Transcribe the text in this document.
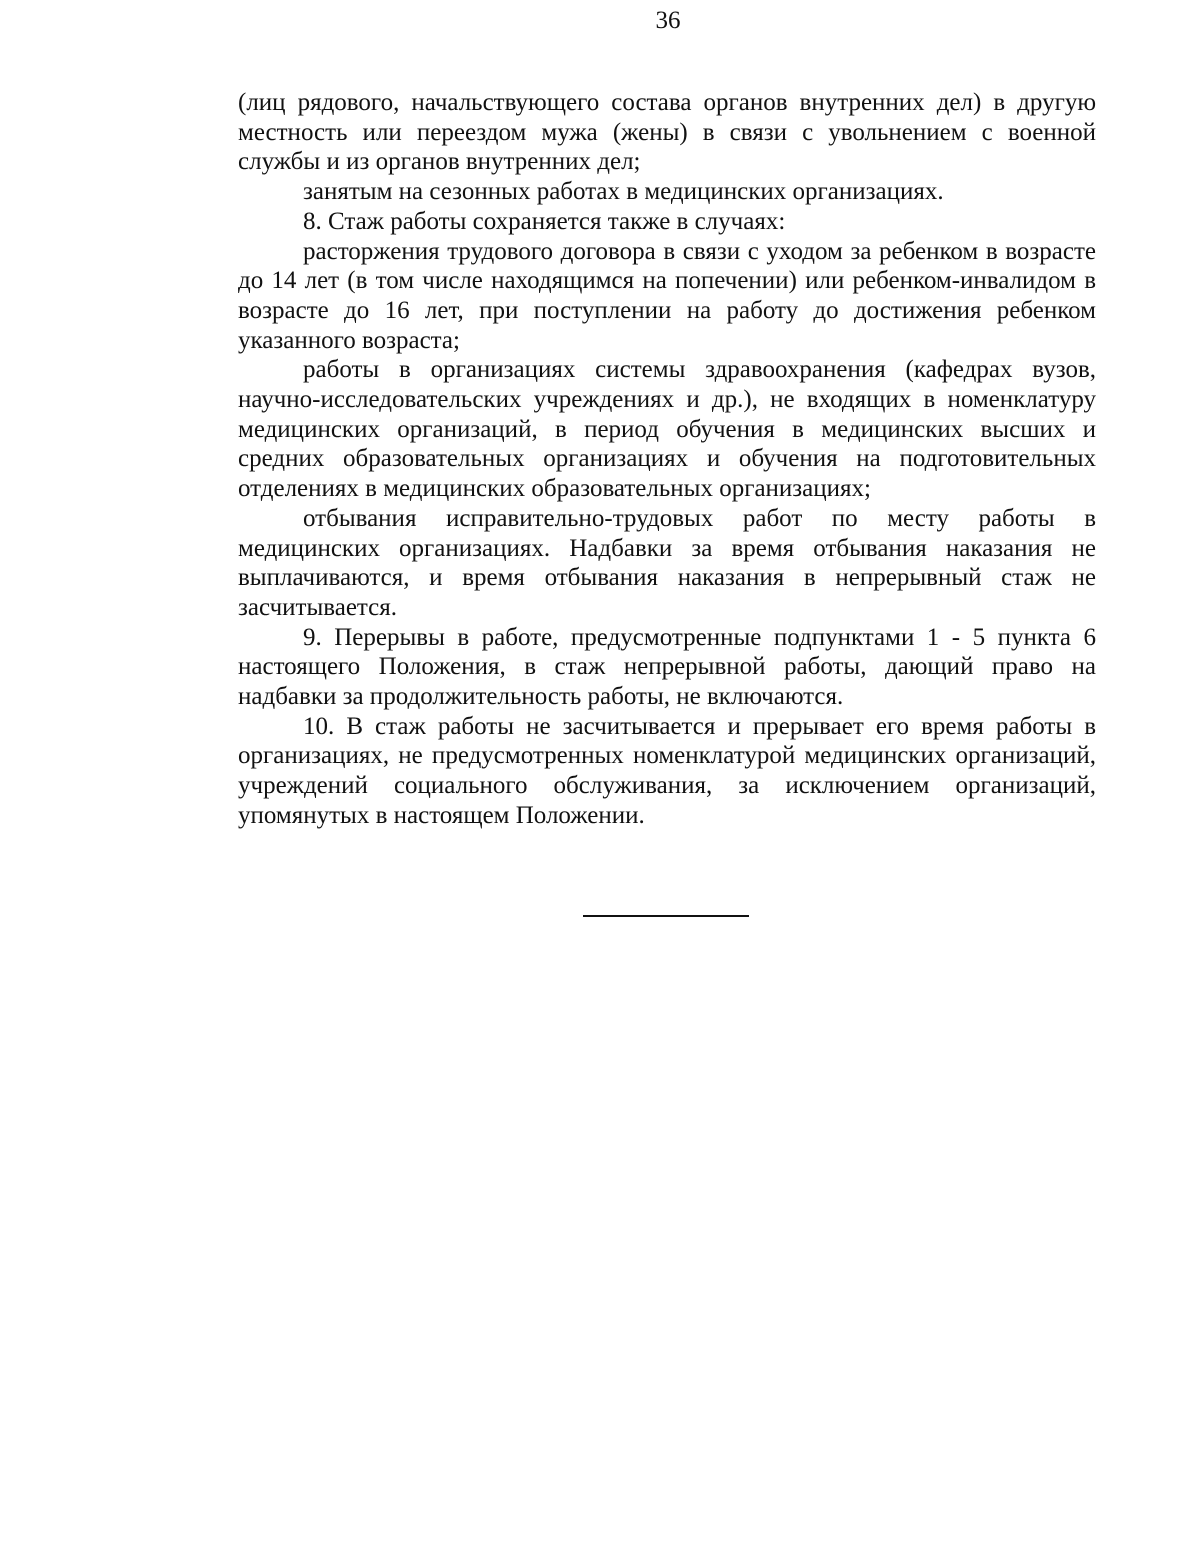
36

(лиц рядового, начальствующего состава органов внутренних дел) в другую местность или переездом мужа (жены) в связи с увольнением с военной службы и из органов внутренних дел;

занятым на сезонных работах в медицинских организациях.

8. Стаж работы сохраняется также в случаях:

расторжения трудового договора в связи с уходом за ребенком в возрасте до 14 лет (в том числе находящимся на попечении) или ребенком-инвалидом в возрасте до 16 лет, при поступлении на работу до достижения ребенком указанного возраста;

работы в организациях системы здравоохранения (кафедрах вузов, научно-исследовательских учреждениях и др.), не входящих в номенклатуру медицинских организаций, в период обучения в медицинских высших и средних образовательных организациях и обучения на подготовительных отделениях в медицинских образовательных организациях;

отбывания исправительно-трудовых работ по месту работы в медицинских организациях. Надбавки за время отбывания наказания не выплачиваются, и время отбывания наказания в непрерывный стаж не засчитывается.

9. Перерывы в работе, предусмотренные подпунктами 1 - 5 пункта 6 настоящего Положения, в стаж непрерывной работы, дающий право на надбавки за продолжительность работы, не включаются.

10. В стаж работы не засчитывается и прерывает его время работы в организациях, не предусмотренных номенклатурой медицинских организаций, учреждений социального обслуживания, за исключением организаций, упомянутых в настоящем Положении.
